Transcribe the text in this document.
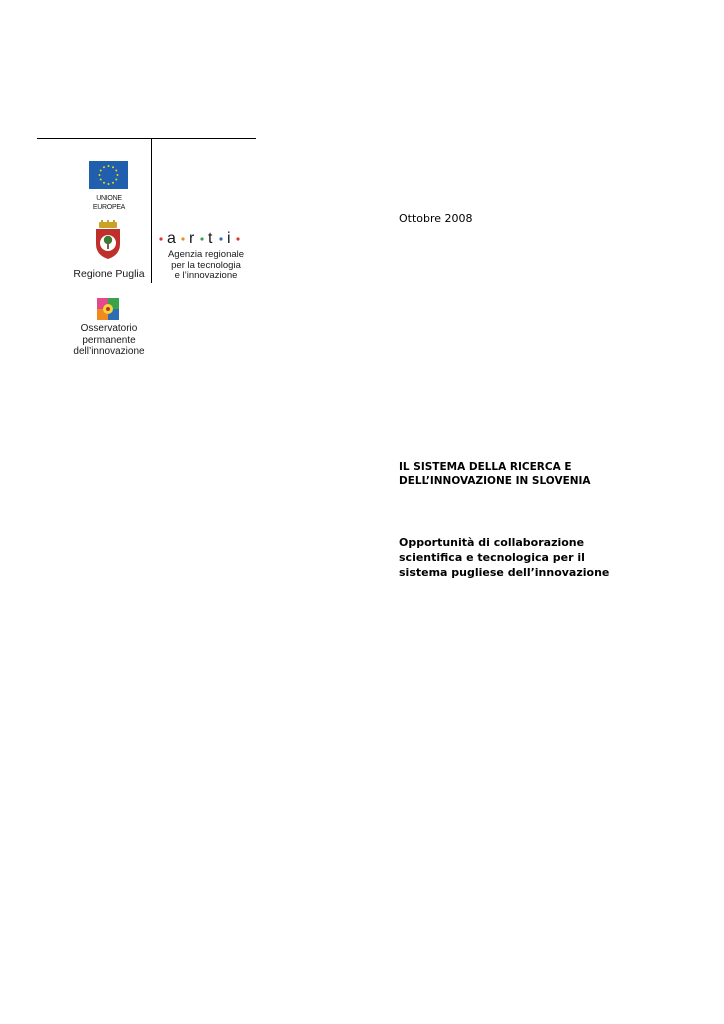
UNIONE EUROPEA
Regione Puglia
a r t i
Agenzia regionale
per la tecnologia
e l’innovazione
Osservatorio
permanente
dell’innovazione

Ottobre 2008

IL SISTEMA DELLA RICERCA E
DELL’INNOVAZIONE IN SLOVENIA
Opportunità di collaborazione
scientifica e tecnologica per il
sistema pugliese dell’innovazione
